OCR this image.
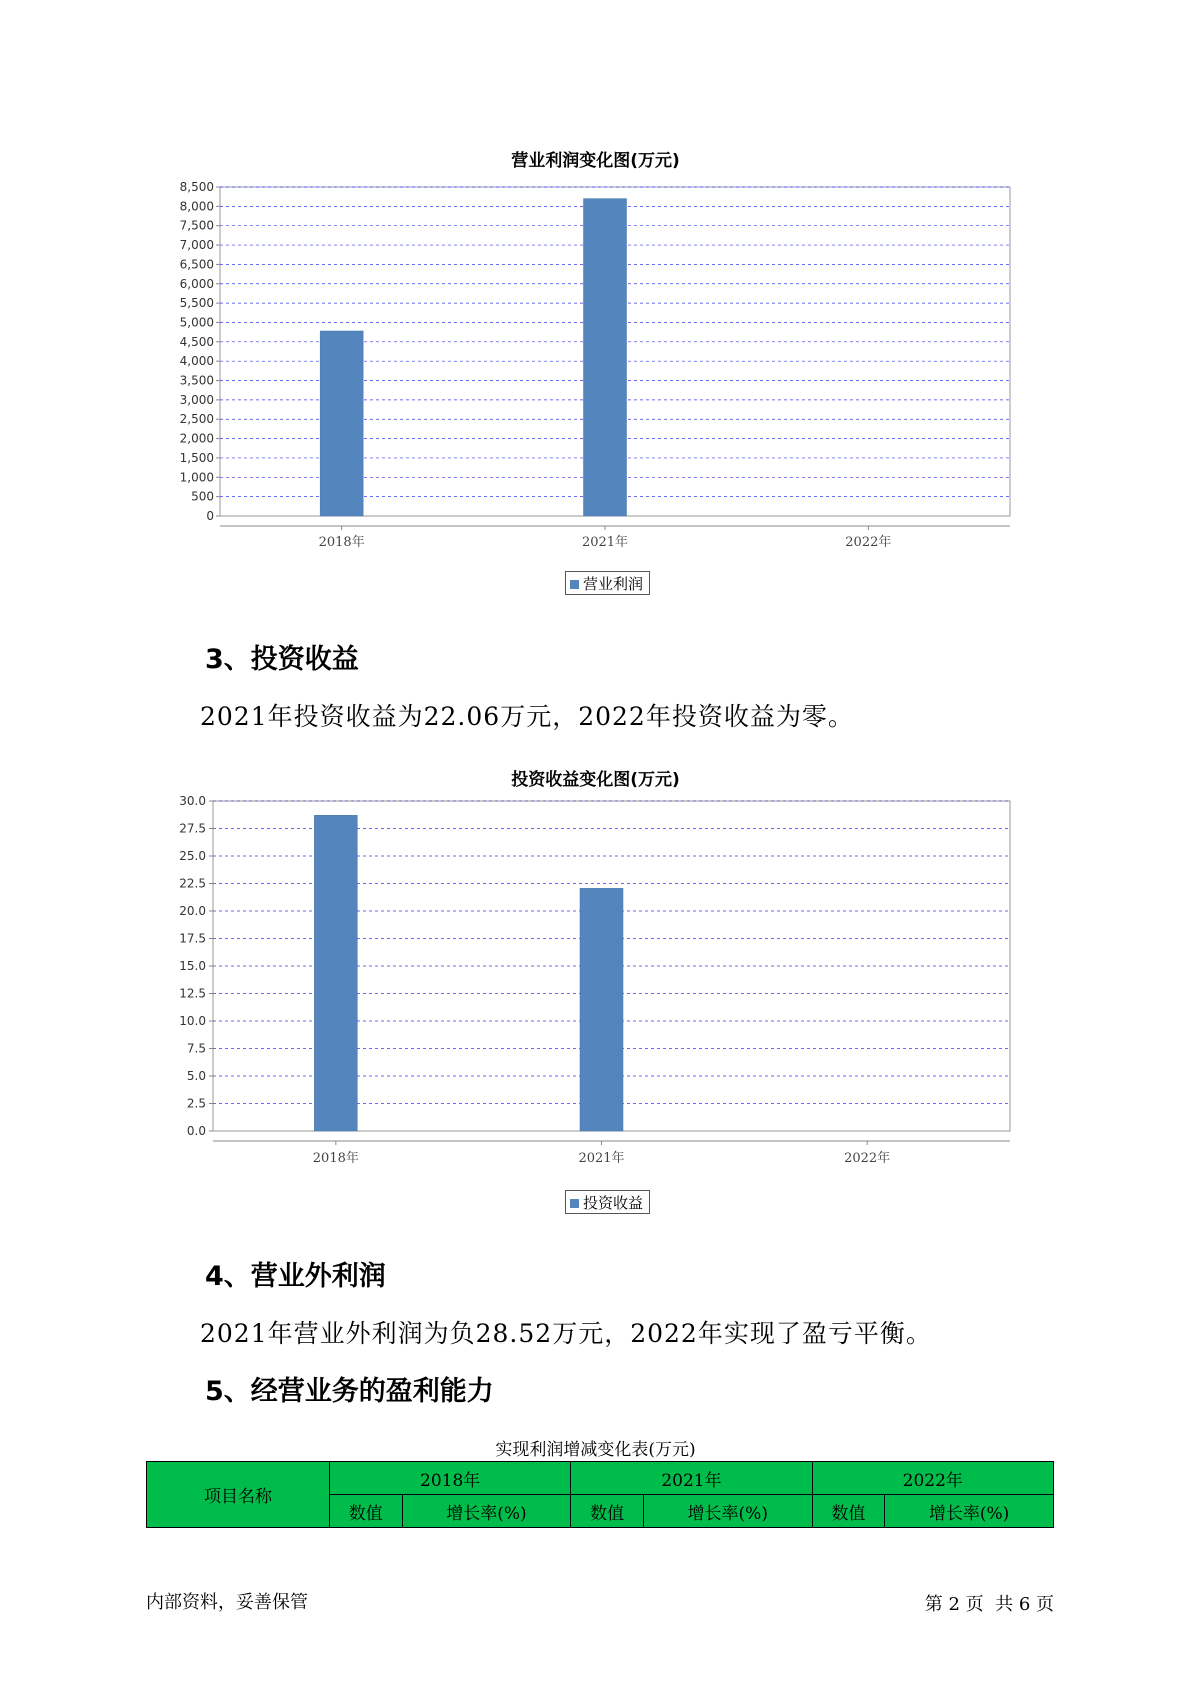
营业利润变化图(万元)
0
500
1,000
1,500
2,000
2,500
3,000
3,500
4,000
4,500
5,000
5,500
6,000
6,500
7,000
7,500
8,000
8,500
2018年	2021年	2022年
营业利润
3、投资收益
2021年投资收益为22.06万元，2022年投资收益为零。
投资收益变化图(万元)
0.0
2.5
5.0
7.5
10.0
12.5
15.0
17.5
20.0
22.5
25.0
27.5
30.0
2018年	2021年	2022年
投资收益
4、营业外利润
2021年营业外利润为负28.52万元，2022年实现了盈亏平衡。
5、经营业务的盈利能力
实现利润增减变化表(万元)
项目名称	2018年		2021年		2022年	
	数值	增长率(%)	数值	增长率(%)	数值	增长率(%)
内部资料，妥善保管	第 2 页  共 6 页
